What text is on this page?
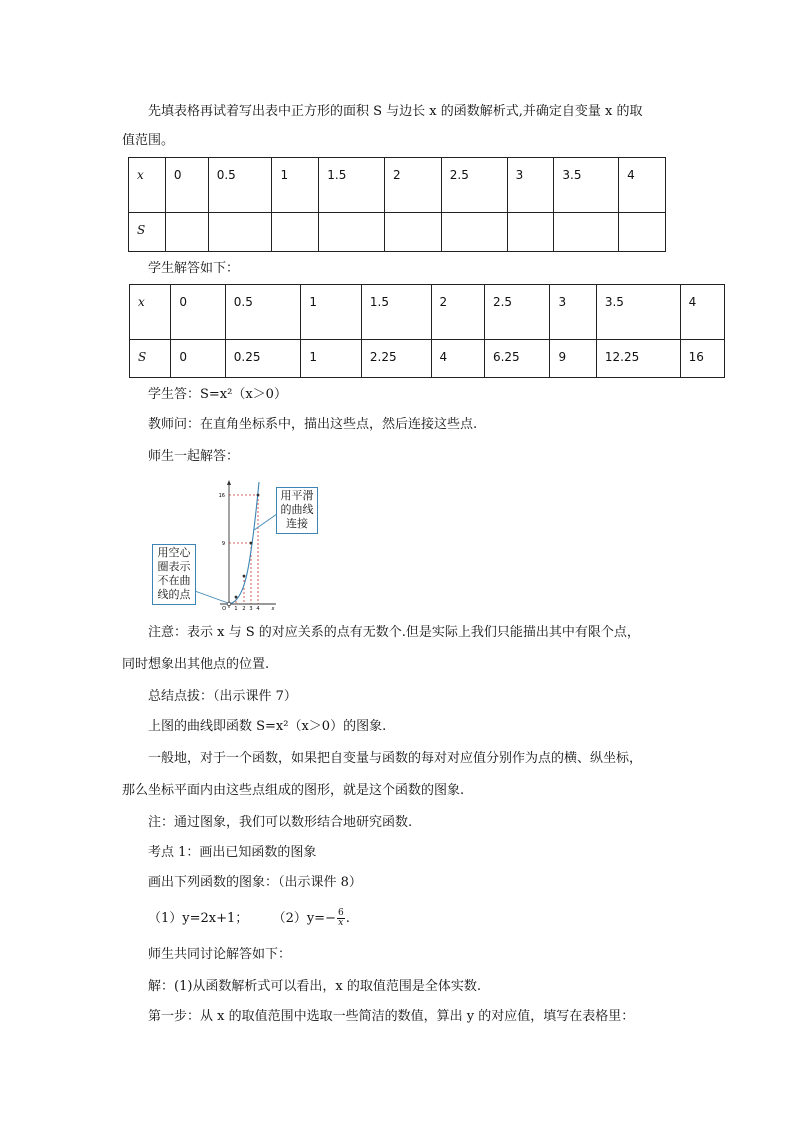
先填表格再试着写出表中正方形的面积 S 与边长 x 的函数解析式,并确定自变量 x 的取
值范围。
x	0	0.5	1	1.5	2	2.5	3	3.5	4

S									

学生解答如下：
x	0	0.5	1	1.5	2	2.5	3	3.5	4

S	0	0.25	1	2.25	4	6.25	9	12.25	16
学生答：S=x²（x＞0）
教师问：在直角坐标系中，描出这些点，然后连接这些点.
师生一起解答：
16
9
O 1 2 3 4 x
用空心
圈表示
不在曲
线的点
用平滑
的曲线
连接
注意：表示 x 与 S 的对应关系的点有无数个.但是实际上我们只能描出其中有限个点，
同时想象出其他点的位置.
总结点拔：（出示课件 7）
上图的曲线即函数 S=x²（x＞0）的图象.
一般地，对于一个函数，如果把自变量与函数的每对对应值分别作为点的横、纵坐标，
那么坐标平面内由这些点组成的图形，就是这个函数的图象.
注：通过图象，我们可以数形结合地研究函数.
考点 1：画出已知函数的图象
画出下列函数的图象：（出示课件 8）
（1）y=2x+1； $(2)y=- \frac{6}{x}$ .
师生共同讨论解答如下：
解：(1)从函数解析式可以看出，x 的取值范围是全体实数.
第一步：从 x 的取值范围中选取一些简洁的数值，算出 y 的对应值，填写在表格里：
